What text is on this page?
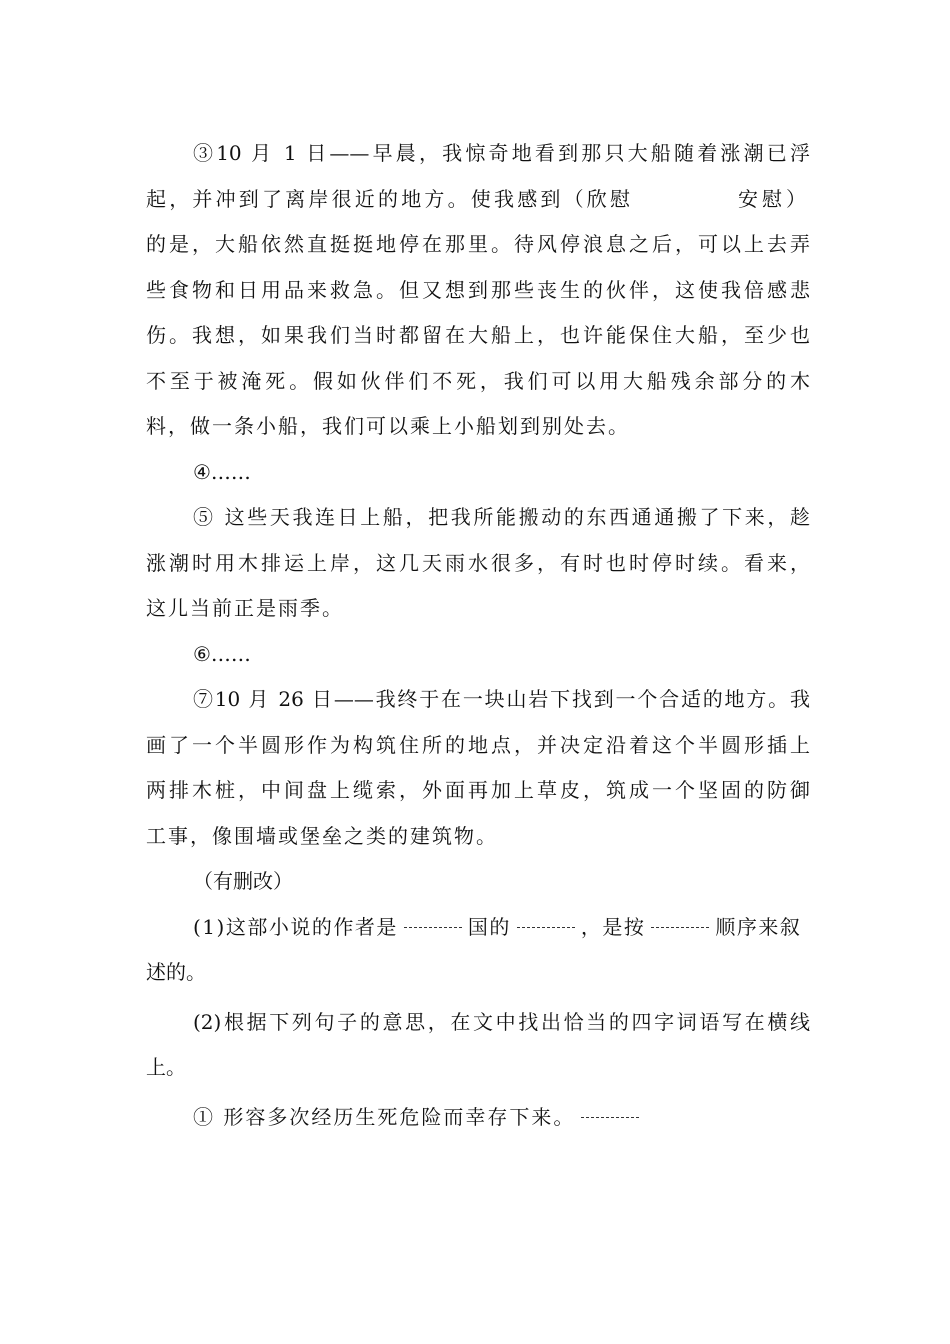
③10 月 1 日——早晨，我惊奇地看到那只大船随着涨潮已浮
起，并冲到了离岸很近的地方。使我感到（欣慰	安慰）
的是，大船依然直挺挺地停在那里。待风停浪息之后，可以上去弄
些食物和日用品来救急。但又想到那些丧生的伙伴，这使我倍感悲
伤。我想，如果我们当时都留在大船上，也许能保住大船，至少也
不至于被淹死。假如伙伴们不死，我们可以用大船残余部分的木
料，做一条小船，我们可以乘上小船划到别处去。
④……
⑤ 这些天我连日上船，把我所能搬动的东西通通搬了下来，趁
涨潮时用木排运上岸，这几天雨水很多，有时也时停时续。看来，
这儿当前正是雨季。
⑥……
⑦10 月 26 日——我终于在一块山岩下找到一个合适的地方。我
画了一个半圆形作为构筑住所的地点，并决定沿着这个半圆形插上
两排木桩，中间盘上缆索，外面再加上草皮，筑成一个坚固的防御
工事，像围墙或堡垒之类的建筑物。
（有删改）
(1)这部小说的作者是	国的	，是按	顺序来叙
述的。
(2)根据下列句子的意思，在文中找出恰当的四字词语写在横线
上。
① 形容多次经历生死危险而幸存下来。
